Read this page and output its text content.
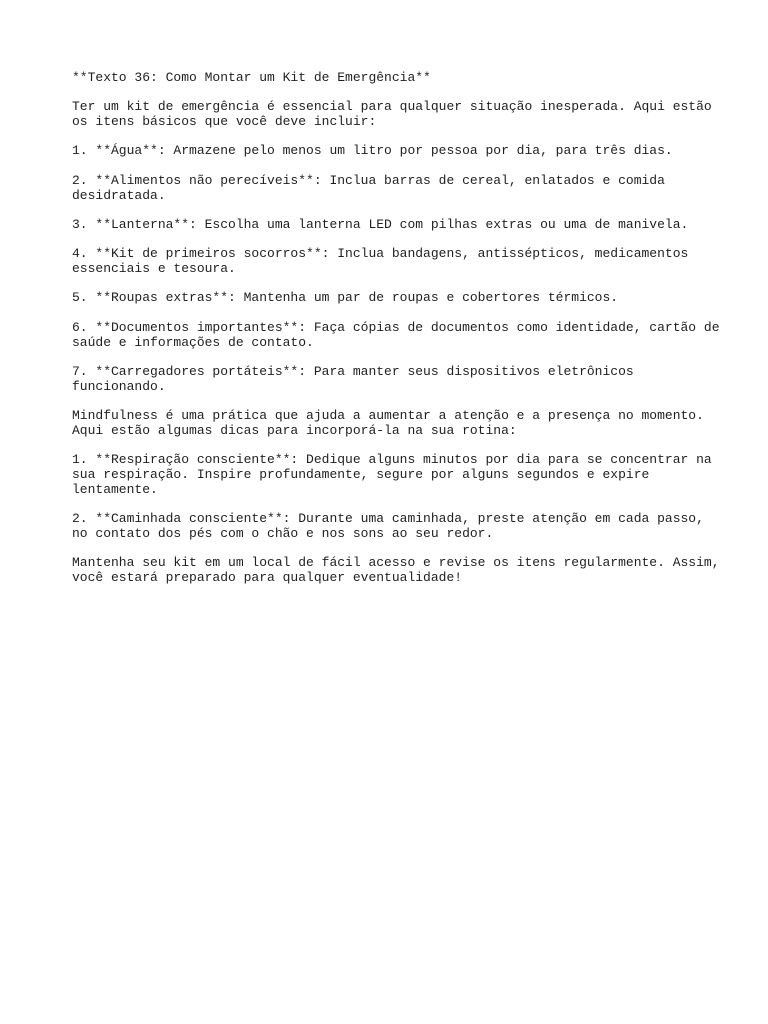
**Texto 36: Como Montar um Kit de Emergência**

Ter um kit de emergência é essencial para qualquer situação inesperada. Aqui estão
os itens básicos que você deve incluir:

1. **Água**: Armazene pelo menos um litro por pessoa por dia, para três dias.

2. **Alimentos não perecíveis**: Inclua barras de cereal, enlatados e comida
desidratada.

3. **Lanterna**: Escolha uma lanterna LED com pilhas extras ou uma de manivela.

4. **Kit de primeiros socorros**: Inclua bandagens, antissépticos, medicamentos
essenciais e tesoura.

5. **Roupas extras**: Mantenha um par de roupas e cobertores térmicos.

6. **Documentos importantes**: Faça cópias de documentos como identidade, cartão de
saúde e informações de contato.

7. **Carregadores portáteis**: Para manter seus dispositivos eletrônicos
funcionando.

Mindfulness é uma prática que ajuda a aumentar a atenção e a presença no momento.
Aqui estão algumas dicas para incorporá-la na sua rotina:

1. **Respiração consciente**: Dedique alguns minutos por dia para se concentrar na
sua respiração. Inspire profundamente, segure por alguns segundos e expire
lentamente.

2. **Caminhada consciente**: Durante uma caminhada, preste atenção em cada passo,
no contato dos pés com o chão e nos sons ao seu redor.

Mantenha seu kit em um local de fácil acesso e revise os itens regularmente. Assim,
você estará preparado para qualquer eventualidade!
